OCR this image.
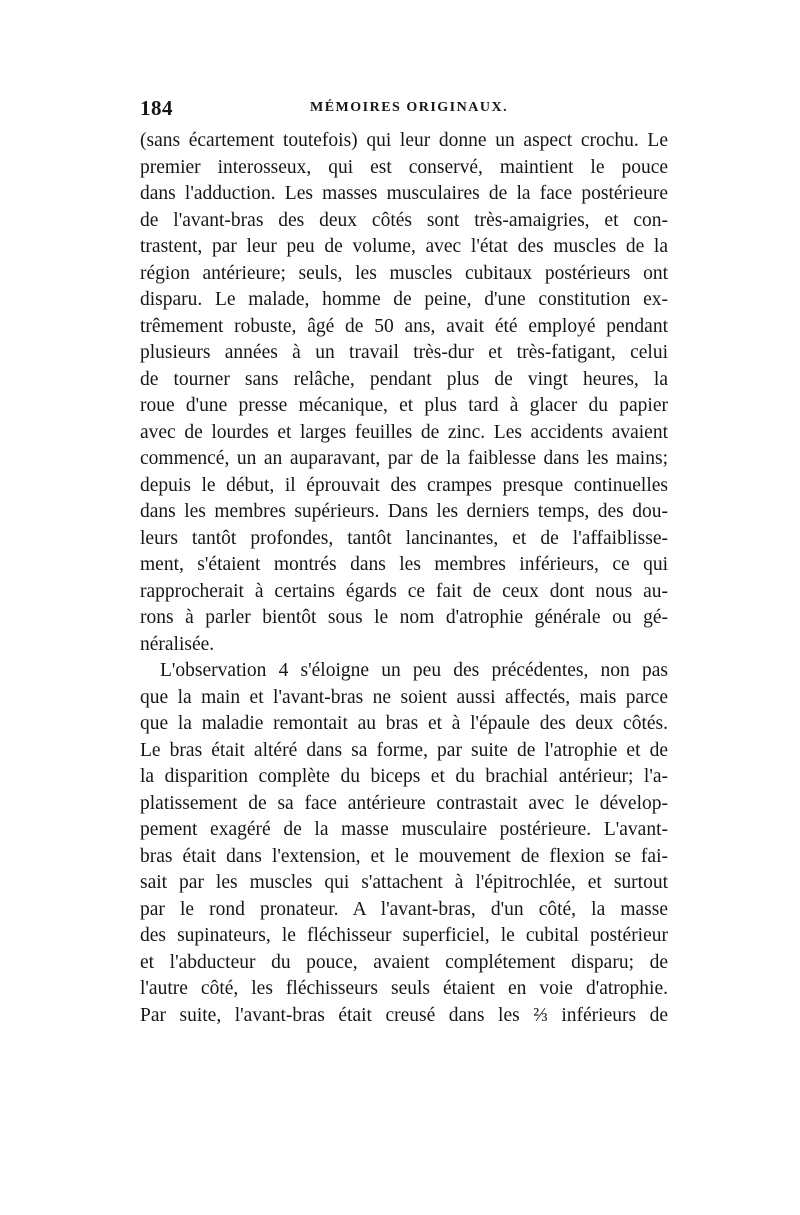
184	MÉMOIRES ORIGINAUX.
(sans écartement toutefois) qui leur donne un aspect crochu. Le
premier interosseux, qui est conservé, maintient le pouce
dans l'adduction. Les masses musculaires de la face postérieure
de l'avant-bras des deux côtés sont très-amaigries, et con-
trastent, par leur peu de volume, avec l'état des muscles de la
région antérieure; seuls, les muscles cubitaux postérieurs ont
disparu. Le malade, homme de peine, d'une constitution ex-
trêmement robuste, âgé de 50 ans, avait été employé pendant
plusieurs années à un travail très-dur et très-fatigant, celui
de tourner sans relâche, pendant plus de vingt heures, la
roue d'une presse mécanique, et plus tard à glacer du papier
avec de lourdes et larges feuilles de zinc. Les accidents avaient
commencé, un an auparavant, par de la faiblesse dans les mains;
depuis le début, il éprouvait des crampes presque continuelles
dans les membres supérieurs. Dans les derniers temps, des dou-
leurs tantôt profondes, tantôt lancinantes, et de l'affaiblisse-
ment, s'étaient montrés dans les membres inférieurs, ce qui
rapprocherait à certains égards ce fait de ceux dont nous au-
rons à parler bientôt sous le nom d'atrophie générale ou gé-
néralisée.
L'observation 4 s'éloigne un peu des précédentes, non pas
que la main et l'avant-bras ne soient aussi affectés, mais parce
que la maladie remontait au bras et à l'épaule des deux côtés.
Le bras était altéré dans sa forme, par suite de l'atrophie et de
la disparition complète du biceps et du brachial antérieur; l'a-
platissement de sa face antérieure contrastait avec le dévelop-
pement exagéré de la masse musculaire postérieure. L'avant-
bras était dans l'extension, et le mouvement de flexion se fai-
sait par les muscles qui s'attachent à l'épitrochlée, et surtout
par le rond pronateur. A l'avant-bras, d'un côté, la masse
des supinateurs, le fléchisseur superficiel, le cubital postérieur
et l'abducteur du pouce, avaient complétement disparu; de
l'autre côté, les fléchisseurs seuls étaient en voie d'atrophie.
Par suite, l'avant-bras était creusé dans les ⅔ inférieurs de
